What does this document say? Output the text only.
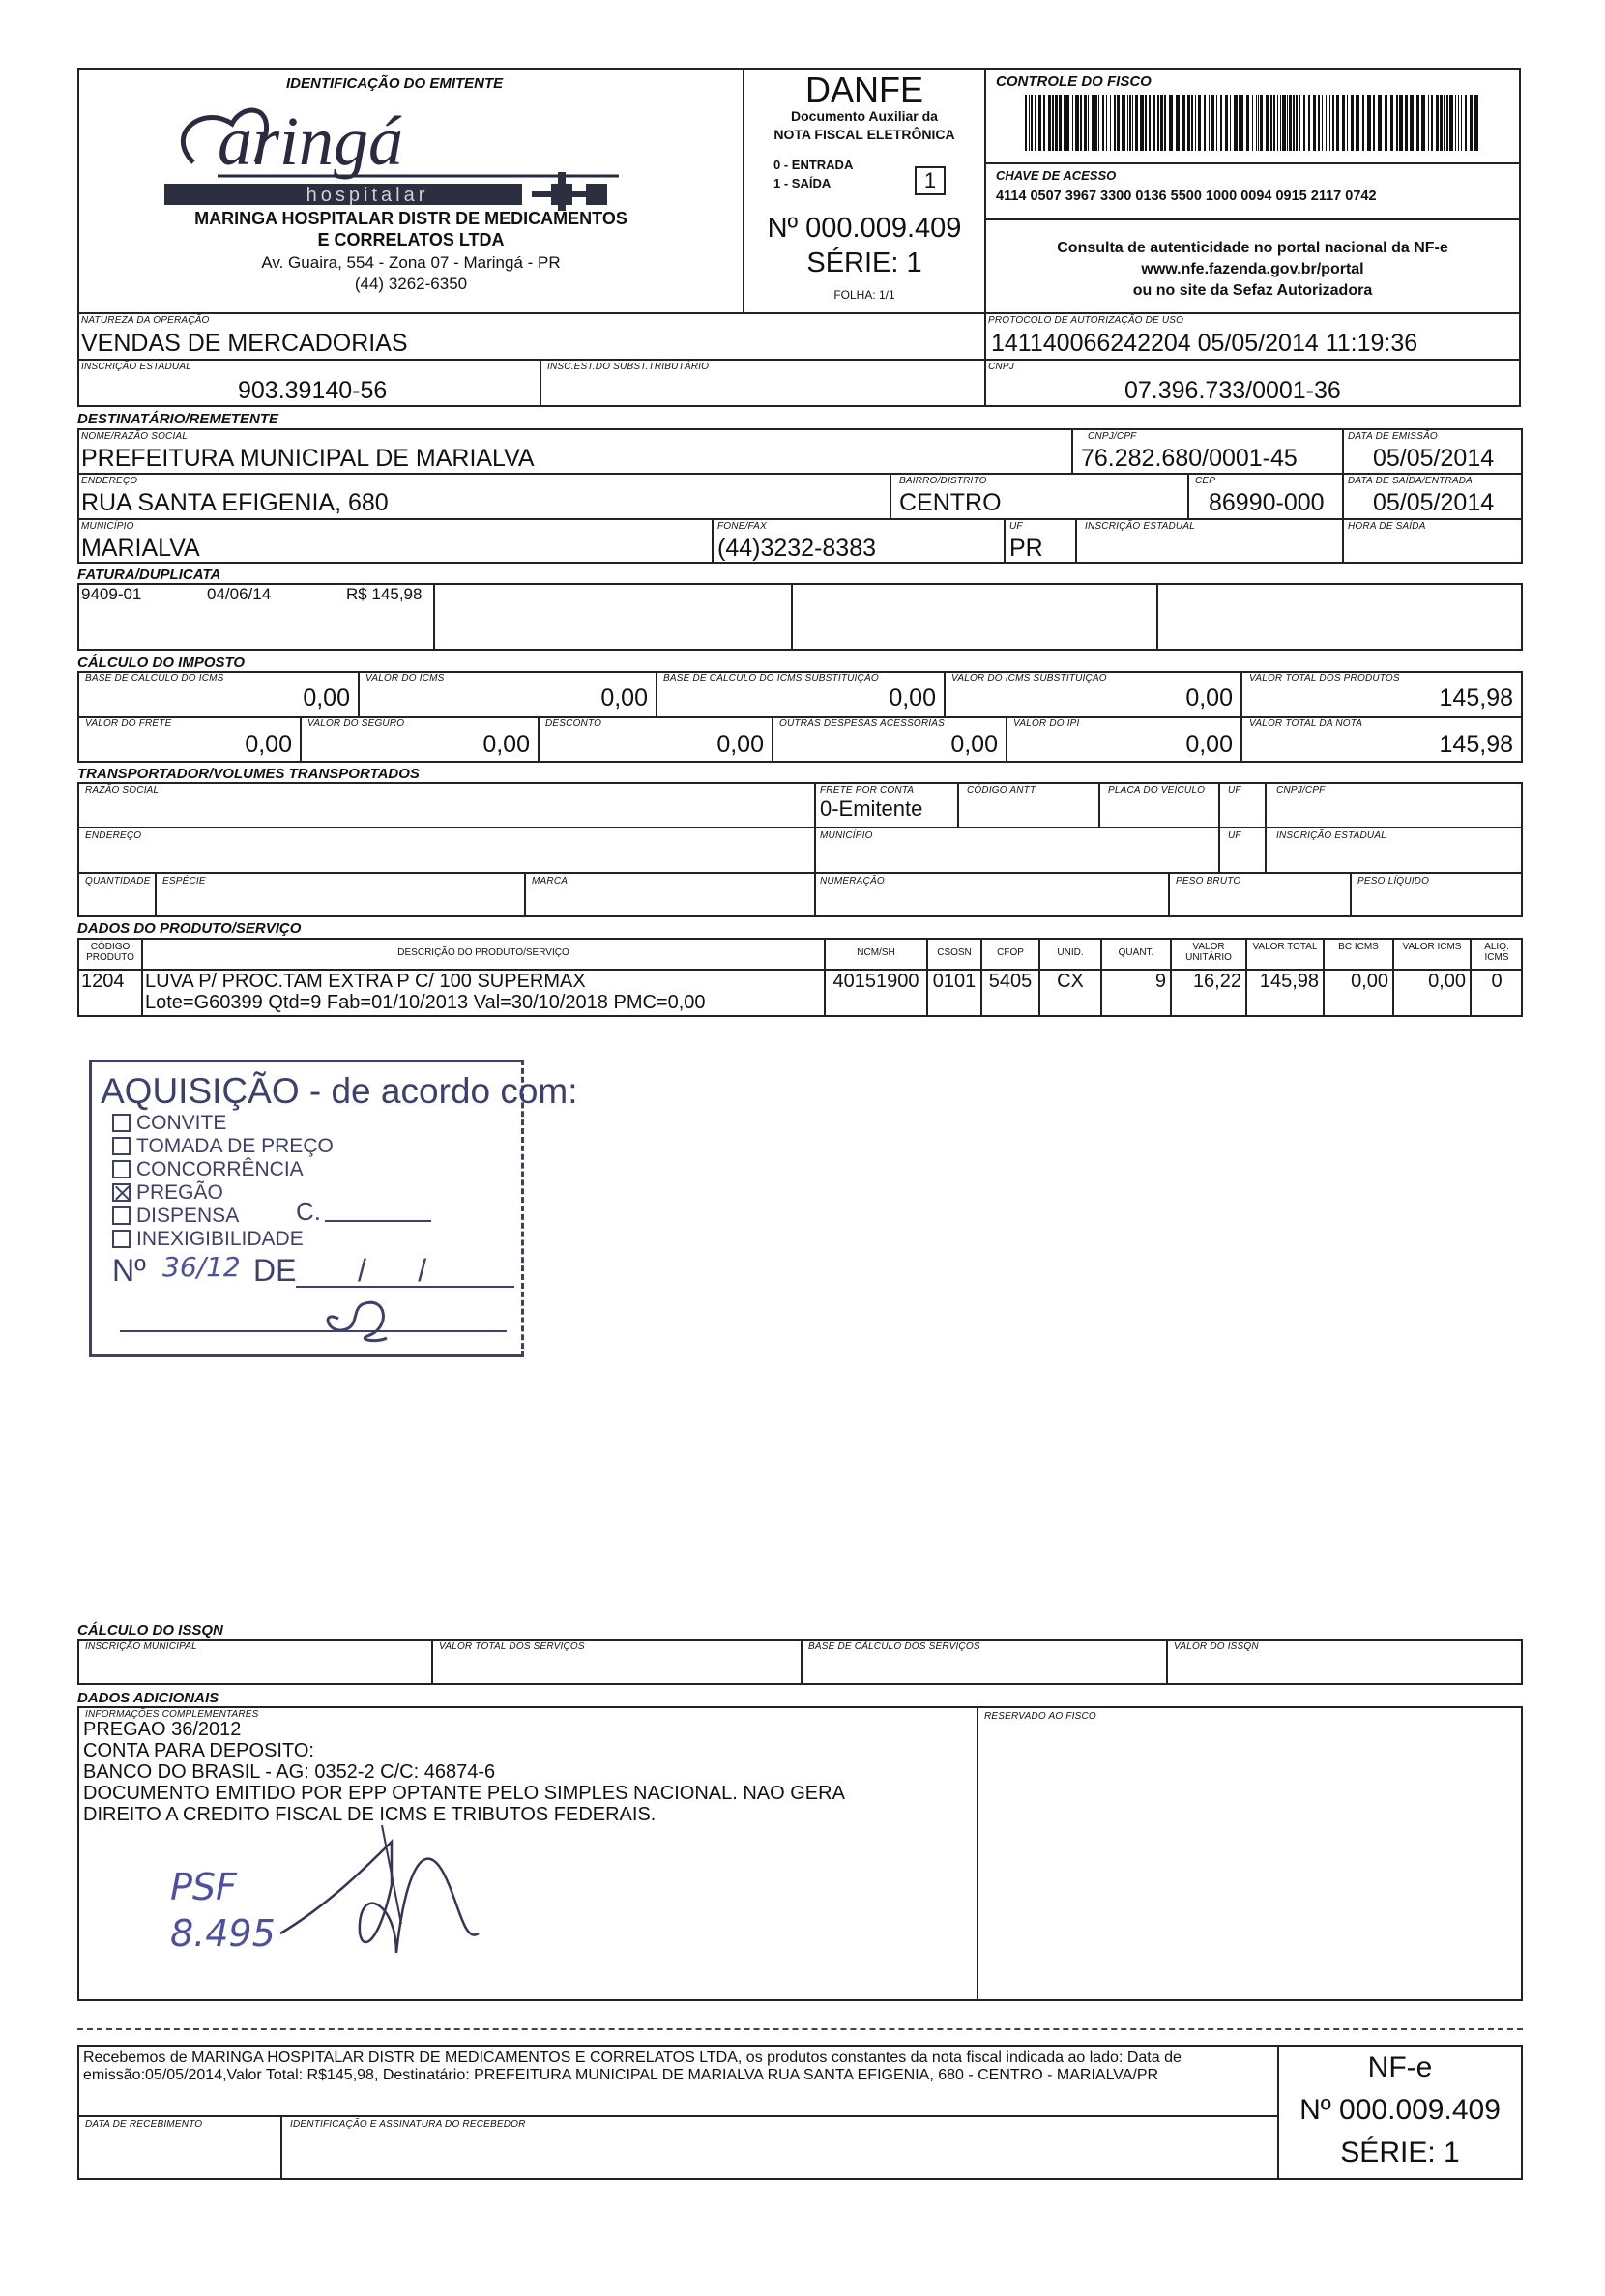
IDENTIFICAÇÃO DO EMITENTE
aringá
hospitalar
MARINGA HOSPITALAR DISTR DE MEDICAMENTOS
E CORRELATOS LTDA
Av. Guaira, 554 - Zona 07 - Maringá - PR
(44) 3262-6350
DANFE
Documento Auxiliar da
NOTA FISCAL ELETRÔNICA
0 - ENTRADA
1 - SAÍDA	1
Nº 000.009.409
SÉRIE: 1
FOLHA: 1/1
CONTROLE DO FISCO
CHAVE DE ACESSO
4114 0507 3967 3300 0136 5500 1000 0094 0915 2117 0742
Consulta de autenticidade no portal nacional da NF-e
www.nfe.fazenda.gov.br/portal
ou no site da Sefaz Autorizadora
NATUREZA DA OPERAÇÃO
VENDAS DE MERCADORIAS
PROTOCOLO DE AUTORIZAÇÃO DE USO
141140066242204 05/05/2014 11:19:36
INSCRIÇÃO ESTADUAL
903.39140-56
INSC.EST.DO SUBST.TRIBUTÁRIO	CNPJ
07.396.733/0001-36
DESTINATÁRIO/REMETENTE
NOME/RAZÃO SOCIAL
PREFEITURA MUNICIPAL DE MARIALVA
CNPJ/CPF
76.282.680/0001-45
DATA DE EMISSÃO
05/05/2014
ENDEREÇO
RUA SANTA EFIGENIA, 680
BAIRRO/DISTRITO
CENTRO
CEP
86990-000
DATA DE SAÍDA/ENTRADA
05/05/2014
MUNICÍPIO
MARIALVA
FONE/FAX
(44)3232-8383
UF
PR
INSCRIÇÃO ESTADUAL	HORA DE SAÍDA
FATURA/DUPLICATA
9409-01	04/06/14	R$ 145,98
CÁLCULO DO IMPOSTO
BASE DE CÁLCULO DO ICMS
0,00
VALOR DO ICMS
0,00
BASE DE CÁLCULO DO ICMS SUBSTITUIÇÃO
0,00
VALOR DO ICMS SUBSTITUIÇÃO
0,00
VALOR TOTAL DOS PRODUTOS
145,98
VALOR DO FRETE
0,00
VALOR DO SEGURO
0,00
DESCONTO
0,00
OUTRAS DESPESAS ACESSÓRIAS
0,00
VALOR DO IPI
0,00
VALOR TOTAL DA NOTA
145,98
TRANSPORTADOR/VOLUMES TRANSPORTADOS
RAZÃO SOCIAL	FRETE POR CONTA
0-Emitente
CÓDIGO ANTT	PLACA DO VEÍCULO UF	CNPJ/CPF
ENDEREÇO	MUNICÍPIO	UF	INSCRIÇÃO ESTADUAL
QUANTIDADE ESPÉCIE	MARCA	NUMERAÇÃO	PESO BRUTO	PESO LÍQUIDO
DADOS DO PRODUTO/SERVIÇO
CÓDIGO PRODUTO	DESCRIÇÃO DO PRODUTO/SERVIÇO	NCM/SH	CSOSN	CFOP	UNID.	QUANT.
VALOR UNITÁRIO
VALOR TOTAL	BC ICMS	VALOR ICMS	ALIQ. ICMS
1204 LUVA P/ PROC.TAM EXTRA P C/ 100 SUPERMAX
Lote=G60399 Qtd=9 Fab=01/10/2013 Val=30/10/2018 PMC=0,00
40151900 0101 5405	CX	9	16,22 145,98	0,00	0,00	0
AQUISIÇÃO - de acordo com:
CONVITE
TOMADA DE PREÇO
CONCORRÊNCIA
PREGÃO
DISPENSA C.
INEXIGIBILIDADE
Nº 36/12 DE /      /
CÁLCULO DO ISSQN
INSCRIÇÃO MUNICIPAL	VALOR TOTAL DOS SERVIÇOS	BASE DE CÁLCULO DOS SERVIÇOS	VALOR DO ISSQN
DADOS ADICIONAIS
INFORMAÇÕES COMPLEMENTARES	RESERVADO AO FISCO
PREGAO 36/2012
CONTA PARA DEPOSITO:
BANCO DO BRASIL - AG: 0352-2 C/C: 46874-6
DOCUMENTO EMITIDO POR EPP OPTANTE PELO SIMPLES NACIONAL. NAO GERA
DIREITO A CREDITO FISCAL DE ICMS E TRIBUTOS FEDERAIS.
PSF
8.495
Recebemos de MARINGA HOSPITALAR DISTR DE MEDICAMENTOS E CORRELATOS LTDA, os produtos constantes da nota fiscal indicada ao lado: Data de emissão:05/05/2014,Valor Total: R$145,98, Destinatário: PREFEITURA MUNICIPAL DE MARIALVA RUA SANTA EFIGENIA, 680 - CENTRO - MARIALVA/PR
DATA DE RECEBIMENTO	IDENTIFICAÇÃO E ASSINATURA DO RECEBEDOR
NF-e
Nº 000.009.409
SÉRIE: 1
